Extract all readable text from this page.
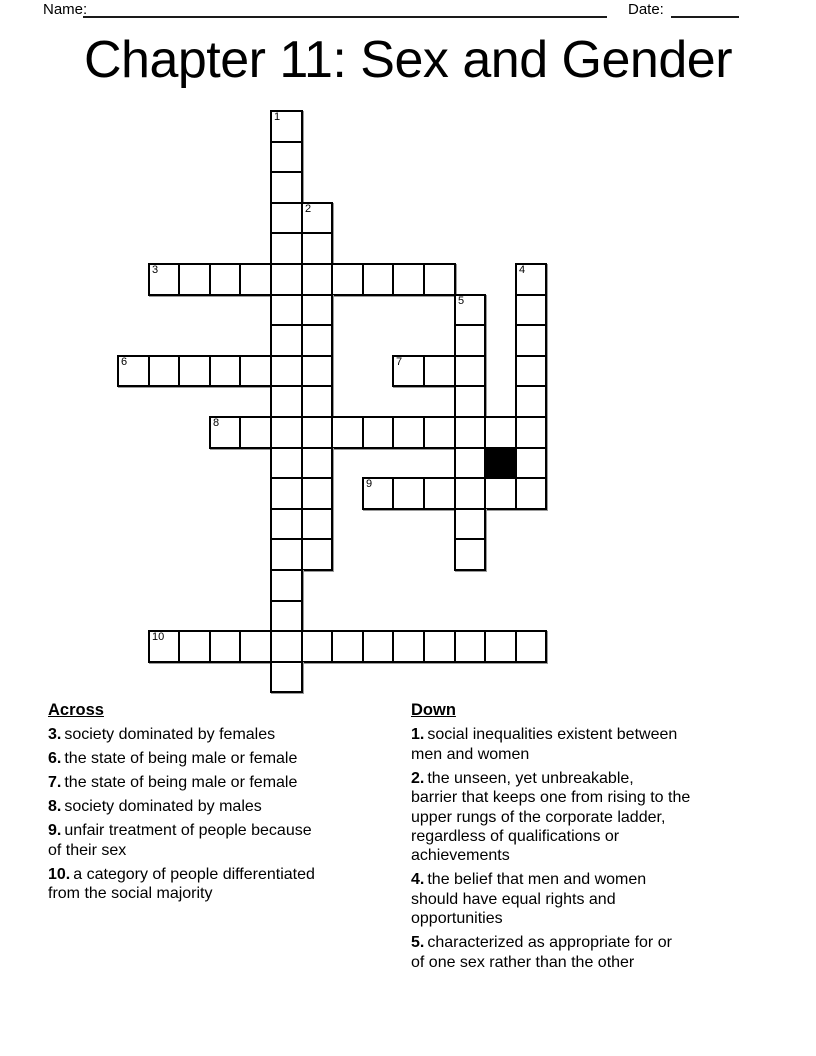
Name:	Date:
Chapter 11: Sex and Gender
1
2
3	4
5
6	7
8
9
10
Across
3. society dominated by females
6. the state of being male or female
7. the state of being male or female
8. society dominated by males
9. unfair treatment of people because
of their sex
10. a category of people differentiated
from the social majority
Down
1. social inequalities existent between
men and women
2. the unseen, yet unbreakable,
barrier that keeps one from rising to the
upper rungs of the corporate ladder,
regardless of qualifications or
achievements
4. the belief that men and women
should have equal rights and
opportunities
5. characterized as appropriate for or
of one sex rather than the other
